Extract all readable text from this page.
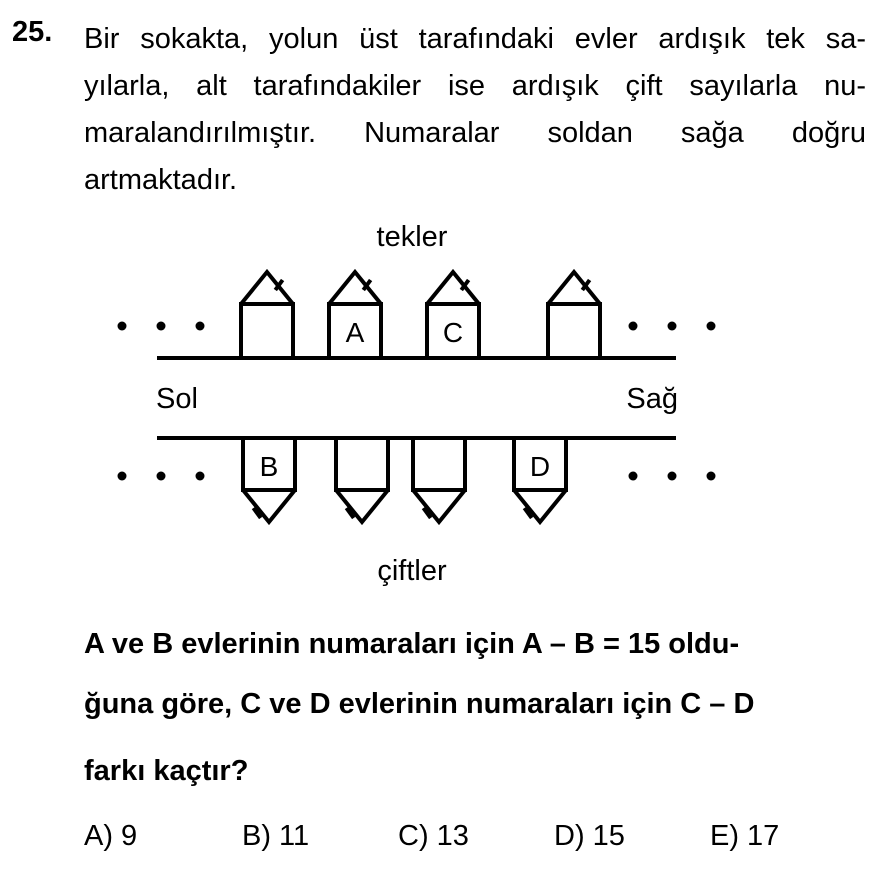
25. Bir sokakta, yolun üst tarafındaki evler ardışık tek sa-
yılarla, alt tarafındakiler ise ardışık çift sayılarla nu-
maralandırılmıştır. Numaralar soldan sağa doğru
artmaktadır.
tekler
çiftler
Sol	Sağ
A	C
B	D
A ve B evlerinin numaraları için A – B = 15 oldu-
ğuna göre, C ve D evlerinin numaraları için C – D
farkı kaçtır?
A) 9	B) 11	C) 13	D) 15	E) 17
